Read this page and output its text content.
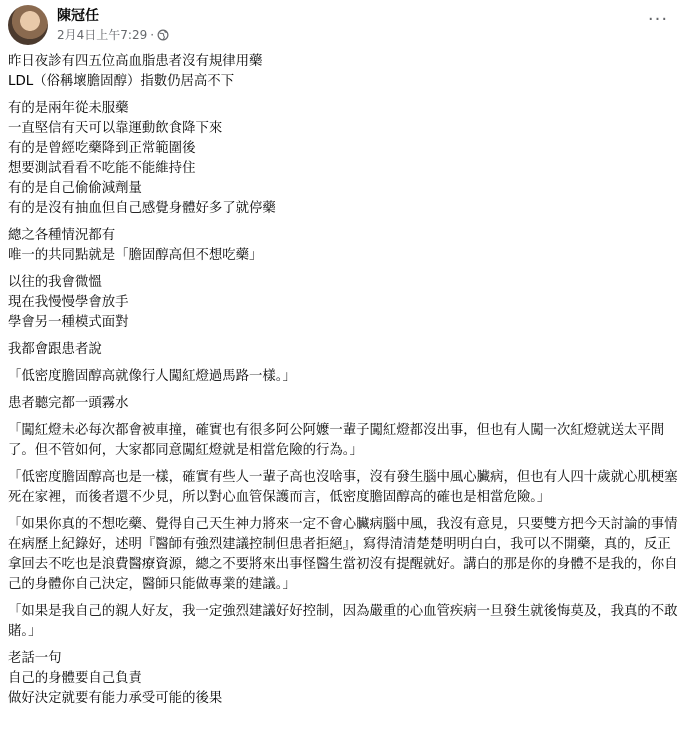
陳冠任
2月4日上午7:29 ·
···
昨日夜診有四五位高血脂患者沒有規律用藥
LDL（俗稱壞膽固醇）指數仍居高不下
有的是兩年從未服藥
一直堅信有天可以靠運動飲食降下來
有的是曾經吃藥降到正常範圍後
想要測試看看不吃能不能維持住
有的是自己偷偷減劑量
有的是沒有抽血但自己感覺身體好多了就停藥
總之各種情況都有
唯一的共同點就是「膽固醇高但不想吃藥」
以往的我會微慍
現在我慢慢學會放手
學會另一種模式面對
我都會跟患者說
「低密度膽固醇高就像行人闖紅燈過馬路一樣。」
患者聽完都一頭霧水
「闖紅燈未必每次都會被車撞，確實也有很多阿公阿嬤一輩子闖紅燈都沒出事，但也有人闖一次紅燈就送太平間了。但不管如何，大家都同意闖紅燈就是相當危險的行為。」
「低密度膽固醇高也是一樣，確實有些人一輩子高也沒啥事，沒有發生腦中風心臟病，但也有人四十歲就心肌梗塞死在家裡，而後者還不少見，所以對心血管保護而言，低密度膽固醇高的確也是相當危險。」
「如果你真的不想吃藥、覺得自己天生神力將來一定不會心臟病腦中風，我沒有意見，只要雙方把今天討論的事情在病歷上紀錄好，述明『醫師有強烈建議控制但患者拒絕』，寫得清清楚楚明明白白，我可以不開藥，真的，反正拿回去不吃也是浪費醫療資源，總之不要將來出事怪醫生當初沒有提醒就好。講白的那是你的身體不是我的，你自己的身體你自己決定，醫師只能做專業的建議。」
「如果是我自己的親人好友，我一定強烈建議好好控制，因為嚴重的心血管疾病一旦發生就後悔莫及，我真的不敢賭。」
老話一句
自己的身體要自己負責
做好決定就要有能力承受可能的後果
